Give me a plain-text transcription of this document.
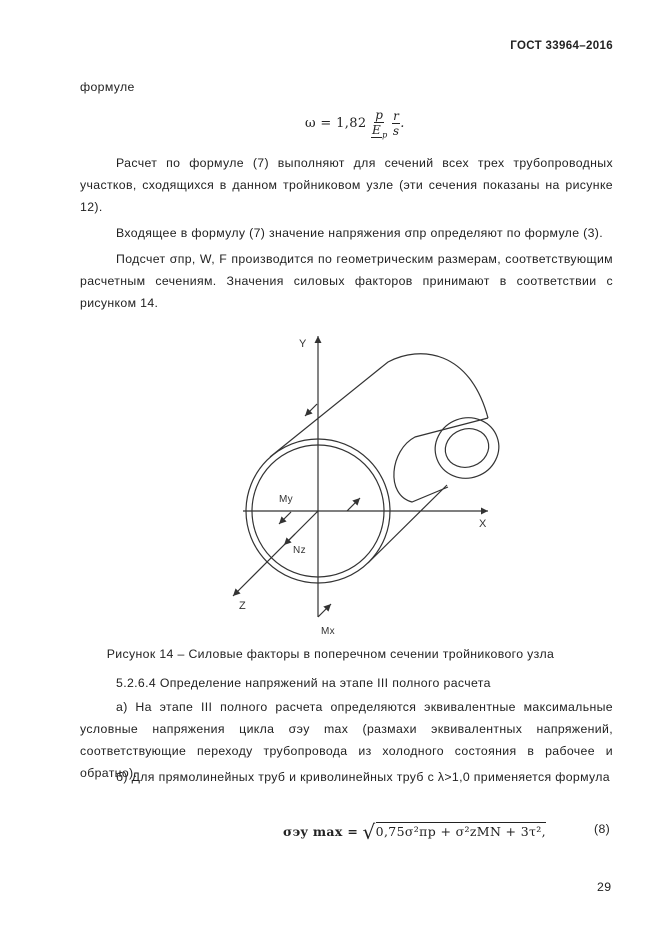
ГОСТ 33964–2016
формуле
$\omega = 1,82 \frac{p}{E_p}$
$\frac{r}{s}$ .
Расчет по формуле (7) выполняют для сечений всех трех трубопроводных участков, сходящихся в данном тройниковом узле (эти сечения показаны на рисунке 12).
Входящее в формулу (7) значение напряжения σпр определяют по формуле (3).
Подсчет σпр, W, F производится по геометрическим размерам, соответствующим расчетным сечениям. Значения силовых факторов принимают в соответствии с рисунком 14.
Y
X
Z
My
Nz
Mx
Рисунок 14 – Силовые факторы в поперечном сечении тройникового узла
5.2.6.4 Определение напряжений на этапе III полного расчета
а) На этапе III полного расчета определяются эквивалентные максимальные условные напряжения цикла σэy max (размахи эквивалентных напряжений, соответствующие переходу трубопровода из холодного состояния в рабочее и обратно).
б) Для прямолинейных труб и криволинейных труб с λ>1,0 применяется формула
σэy max = √0,75σ²пр + σ²zMN + 3τ²,	(8)
29
